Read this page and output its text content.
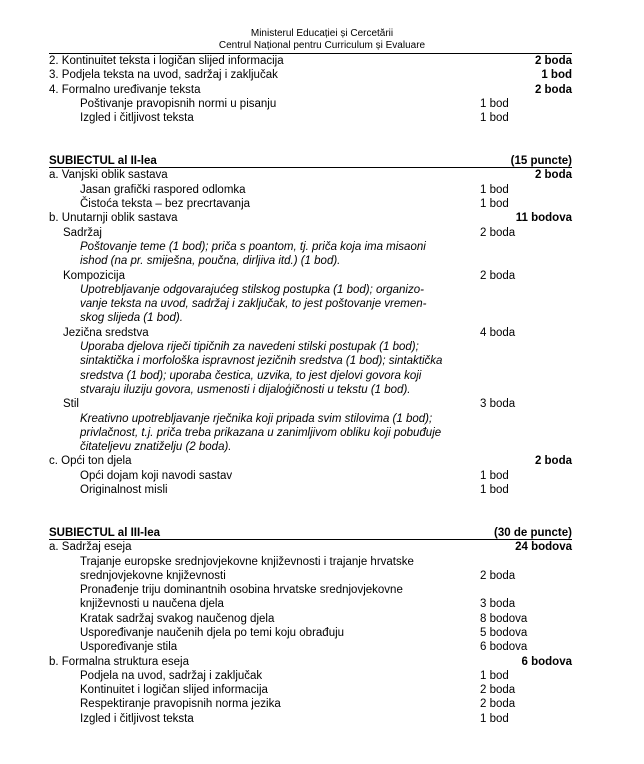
Ministerul Educației și Cercetării
Centrul Național pentru Curriculum și Evaluare
2. Kontinuitet teksta i logičan slijed informacija	2 boda
3. Podjela teksta na uvod, sadržaj i zaključak	1 bod
4. Formalno uređivanje teksta	2 boda
Poštivanje pravopisnih normi u pisanju	1 bod
Izgled i čitljivost teksta	1 bod
SUBIECTUL al II-lea	(15 puncte)
a. Vanjski oblik sastava	2 boda
Jasan grafički raspored odlomka	1 bod
Čistoća teksta – bez precrtavanja	1 bod
b. Unutarnji oblik sastava	11 bodova
Sadržaj	2 boda
Poštovanje teme (1 bod); priča s poantom, tj. priča koja ima misaoni
ishod (na pr. smiješna, poučna, dirljiva itd.) (1 bod).
Kompozicija	2 boda
Upotrebljavanje odgovarajućeg stilskog postupka (1 bod); organizo-
vanje teksta na uvod, sadržaj i zaključak, to jest poštovanje vremen-
skog slijeda (1 bod).
Jezična sredstva	4 boda
Uporaba djelova riječi tipičnih za navedeni stilski postupak (1 bod);
sintaktička i morfološka ispravnost jezičnih sredstva (1 bod); sintaktička
sredstva (1 bod); uporaba čestica, uzvika, to jest djelovi govora koji
stvaraju iluziju govora, usmenosti i dijaloģičnosti u tekstu (1 bod).
Stil	3 boda
Kreativno upotrebljavanje rječnika koji pripada svim stilovima (1 bod);
privlačnost, t.j. priča treba prikazana u zanimljivom obliku koji pobuđuje
čitateljevu znatiželju (2 boda).
c. Opći ton djela	2 boda
Opći dojam koji navodi sastav	1 bod
Originalnost misli	1 bod
SUBIECTUL al III-lea	(30 de puncte)
a. Sadržaj eseja	24 bodova
Trajanje europske srednjovjekovne književnosti i trajanje hrvatske
srednjovjekovne književnosti	2 boda
Pronađenje triju dominantnih osobina hrvatske srednjovjekovne
književnosti u naučena djela	3 boda
Kratak sadržaj svakog naučenog djela	8 bodova
Uspoređivanje naučenih djela po temi koju obrađuju	5 bodova
Uspoređivanje stila	6 bodova
b. Formalna struktura eseja	6 bodova
Podjela na uvod, sadržaj i zaključak	1 bod
Kontinuitet i logičan slijed informacija	2 boda
Respektiranje pravopisnih norma jezika	2 boda
Izgled i čitljivost teksta	1 bod
